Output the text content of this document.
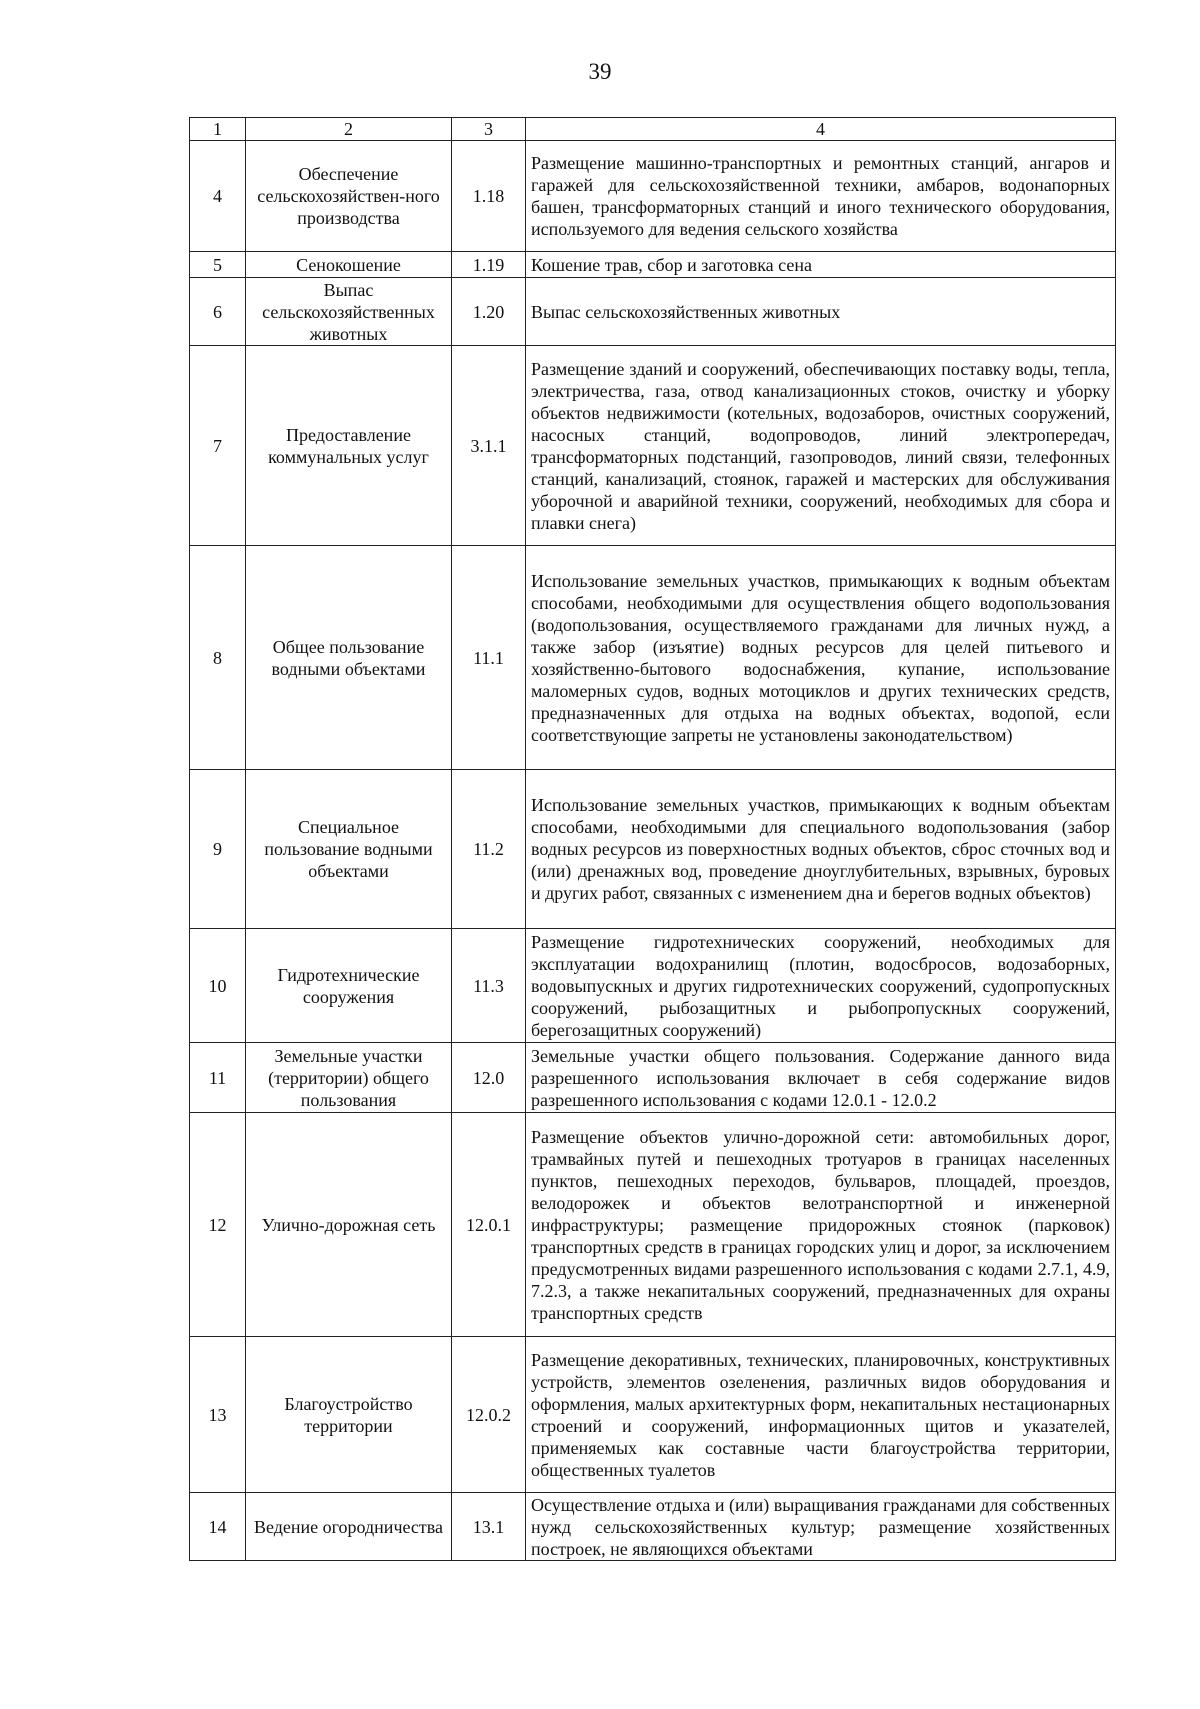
39
1	2	3	4
4	Обеспечение сельскохозяйствен-ного производства	1.18	Размещение машинно-транспортных и ремонтных станций, ангаров и гаражей для сельскохозяйственной техники, амбаров, водонапорных башен, трансформаторных станций и иного технического оборудования, используемого для ведения сельского хозяйства
5	Сенокошение	1.19	Кошение трав, сбор и заготовка сена
6	Выпас сельскохозяйственных животных	1.20	Выпас сельскохозяйственных животных
7	Предоставление коммунальных услуг	3.1.1	Размещение зданий и сооружений, обеспечивающих поставку воды, тепла, электричества, газа, отвод канализационных стоков, очистку и уборку объектов недвижимости (котельных, водозаборов, очистных сооружений, насосных станций, водопроводов, линий электропередач, трансформаторных подстанций, газопроводов, линий связи, телефонных станций, канализаций, стоянок, гаражей и мастерских для обслуживания уборочной и аварийной техники, сооружений, необходимых для сбора и плавки снега)
8	Общее пользование водными объектами	11.1	Использование земельных участков, примыкающих к водным объектам способами, необходимыми для осуществления общего водопользования (водопользования, осуществляемого гражданами для личных нужд, а также забор (изъятие) водных ресурсов для целей питьевого и хозяйственно-бытового водоснабжения, купание, использование маломерных судов, водных мотоциклов и других технических средств, предназначенных для отдыха на водных объектах, водопой, если соответствующие запреты не установлены законодательством)
9	Специальное пользование водными объектами	11.2	Использование земельных участков, примыкающих к водным объектам способами, необходимыми для специального водопользования (забор водных ресурсов из поверхностных водных объектов, сброс сточных вод и (или) дренажных вод, проведение дноуглубительных, взрывных, буровых и других работ, связанных с изменением дна и берегов водных объектов)
10	Гидротехнические сооружения	11.3	Размещение гидротехнических сооружений, необходимых для эксплуатации водохранилищ (плотин, водосбросов, водозаборных, водовыпускных и других гидротехнических сооружений, судопропускных сооружений, рыбозащитных и рыбопропускных сооружений, берегозащитных сооружений)
11	Земельные участки (территории) общего пользования	12.0	Земельные участки общего пользования. Содержание данного вида разрешенного использования включает в себя содержание видов разрешенного использования с кодами 12.0.1 - 12.0.2
12	Улично-дорожная сеть	12.0.1	Размещение объектов улично-дорожной сети: автомобильных дорог, трамвайных путей и пешеходных тротуаров в границах населенных пунктов, пешеходных переходов, бульваров, площадей, проездов, велодорожек и объектов велотранспортной и инженерной инфраструктуры; размещение придорожных стоянок (парковок) транспортных средств в границах городских улиц и дорог, за исключением предусмотренных видами разрешенного использования с кодами 2.7.1, 4.9, 7.2.3, а также некапитальных сооружений, предназначенных для охраны транспортных средств
13	Благоустройство территории	12.0.2	Размещение декоративных, технических, планировочных, конструктивных устройств, элементов озеленения, различных видов оборудования и оформления, малых архитектурных форм, некапитальных нестационарных строений и сооружений, информационных щитов и указателей, применяемых как составные части благоустройства территории, общественных туалетов
14	Ведение огородничества	13.1	Осуществление отдыха и (или) выращивания гражданами для собственных нужд сельскохозяйственных культур; размещение хозяйственных построек, не являющихся объектами
